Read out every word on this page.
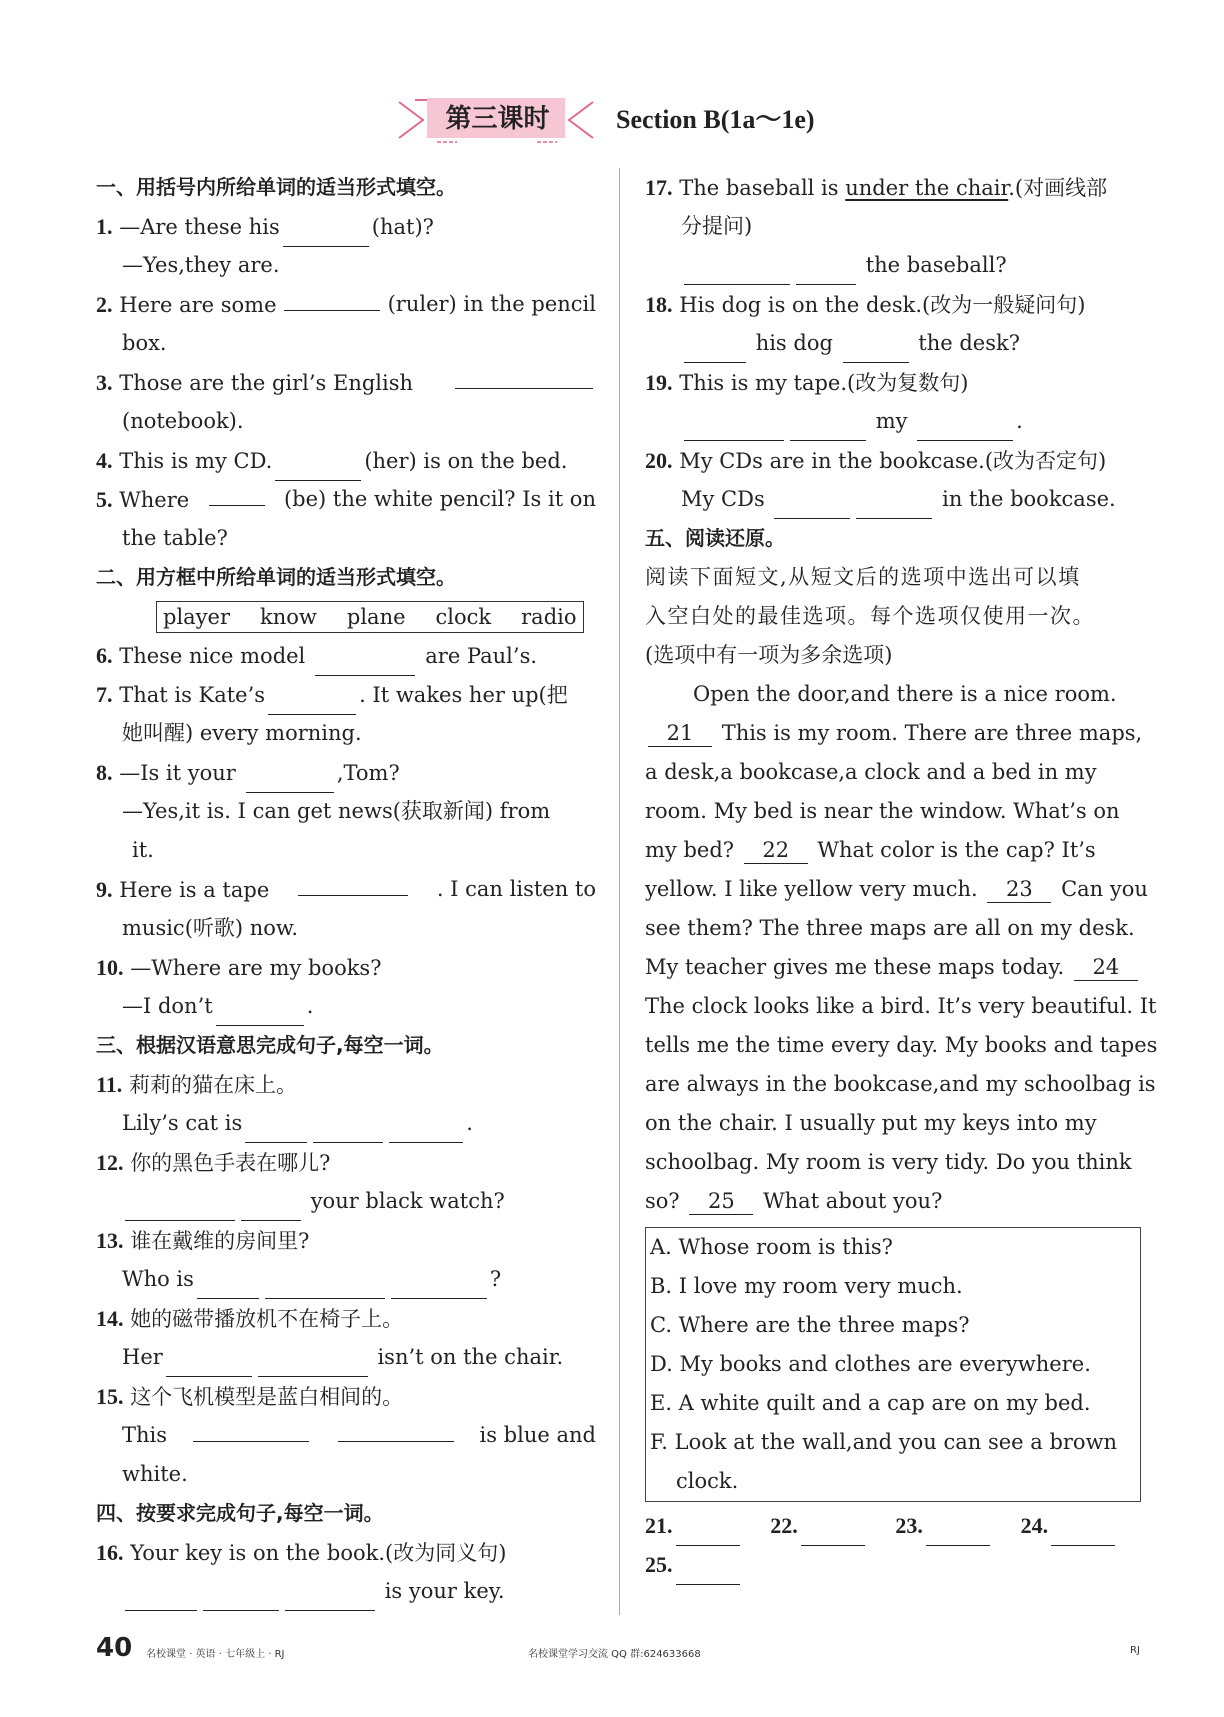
第三课时	Section B(1a～1e)
一、用括号内所给单词的适当形式填空。
1. —Are these his	(hat)?
—Yes,they are.
2. Here are some	(ruler) in the pencil
box.
3. Those are the girl’s English
(notebook).
4. This is my CD.	(her) is on the bed.
5. Where	(be) the white pencil? Is it on
the table?
二、用方框中所给单词的适当形式填空。
player know plane clock radio
6. These nice model	are Paul’s.
7. That is Kate’s	. It wakes her up(把
她叫醒) every morning.
8. —Is it your	,Tom?
—Yes,it is. I can get news(获取新闻) from
it.
9. Here is a tape	. I can listen to
music(听歌) now.
10. —Where are my books?
—I don’t	.
三、根据汉语意思完成句子,每空一词。
11. 莉莉的猫在床上。
Lily’s cat is	.
12. 你的黑色手表在哪儿?
your black watch?
13. 谁在戴维的房间里?
Who is	?
14. 她的磁带播放机不在椅子上。
Her	isn’t on the chair.
15. 这个飞机模型是蓝白相间的。
This	is blue and
white.
四、按要求完成句子,每空一词。
16. Your key is on the book.(改为同义句)
is your key.
17. The baseball is under the chair.(对画线部
分提问)
the baseball?
18. His dog is on the desk.(改为一般疑问句)
his dog	the desk?
19. This is my tape.(改为复数句)
my	.
20. My CDs are in the bookcase.(改为否定句)
My CDs	in the bookcase.
五、阅读还原。
阅读下面短文,从短文后的选项中选出可以填
入空白处的最佳选项。每个选项仅使用一次。
(选项中有一项为多余选项)
Open the door,and there is a nice room.
21 This is my room. There are three maps,
a desk,a bookcase,a clock and a bed in my
room. My bed is near the window. What’s on
my bed? 22 What color is the cap? It’s
yellow. I like yellow very much. 23 Can you
see them? The three maps are all on my desk.
My teacher gives me these maps today. 24
The clock looks like a bird. It’s very beautiful. It
tells me the time every day. My books and tapes
are always in the bookcase,and my schoolbag is
on the chair. I usually put my keys into my
schoolbag. My room is very tidy. Do you think
so? 25 What about you?
A. Whose room is this?
B. I love my room very much.
C. Where are the three maps?
D. My books and clothes are everywhere.
E. A white quilt and a cap are on my bed.
F. Look at the wall,and you can see a brown
clock.
21.	22.	23.	24.
25.
40 名校课堂 · 英语 · 七年级上 · RJ	名校课堂学习交流 QQ 群:624633668	RJ
